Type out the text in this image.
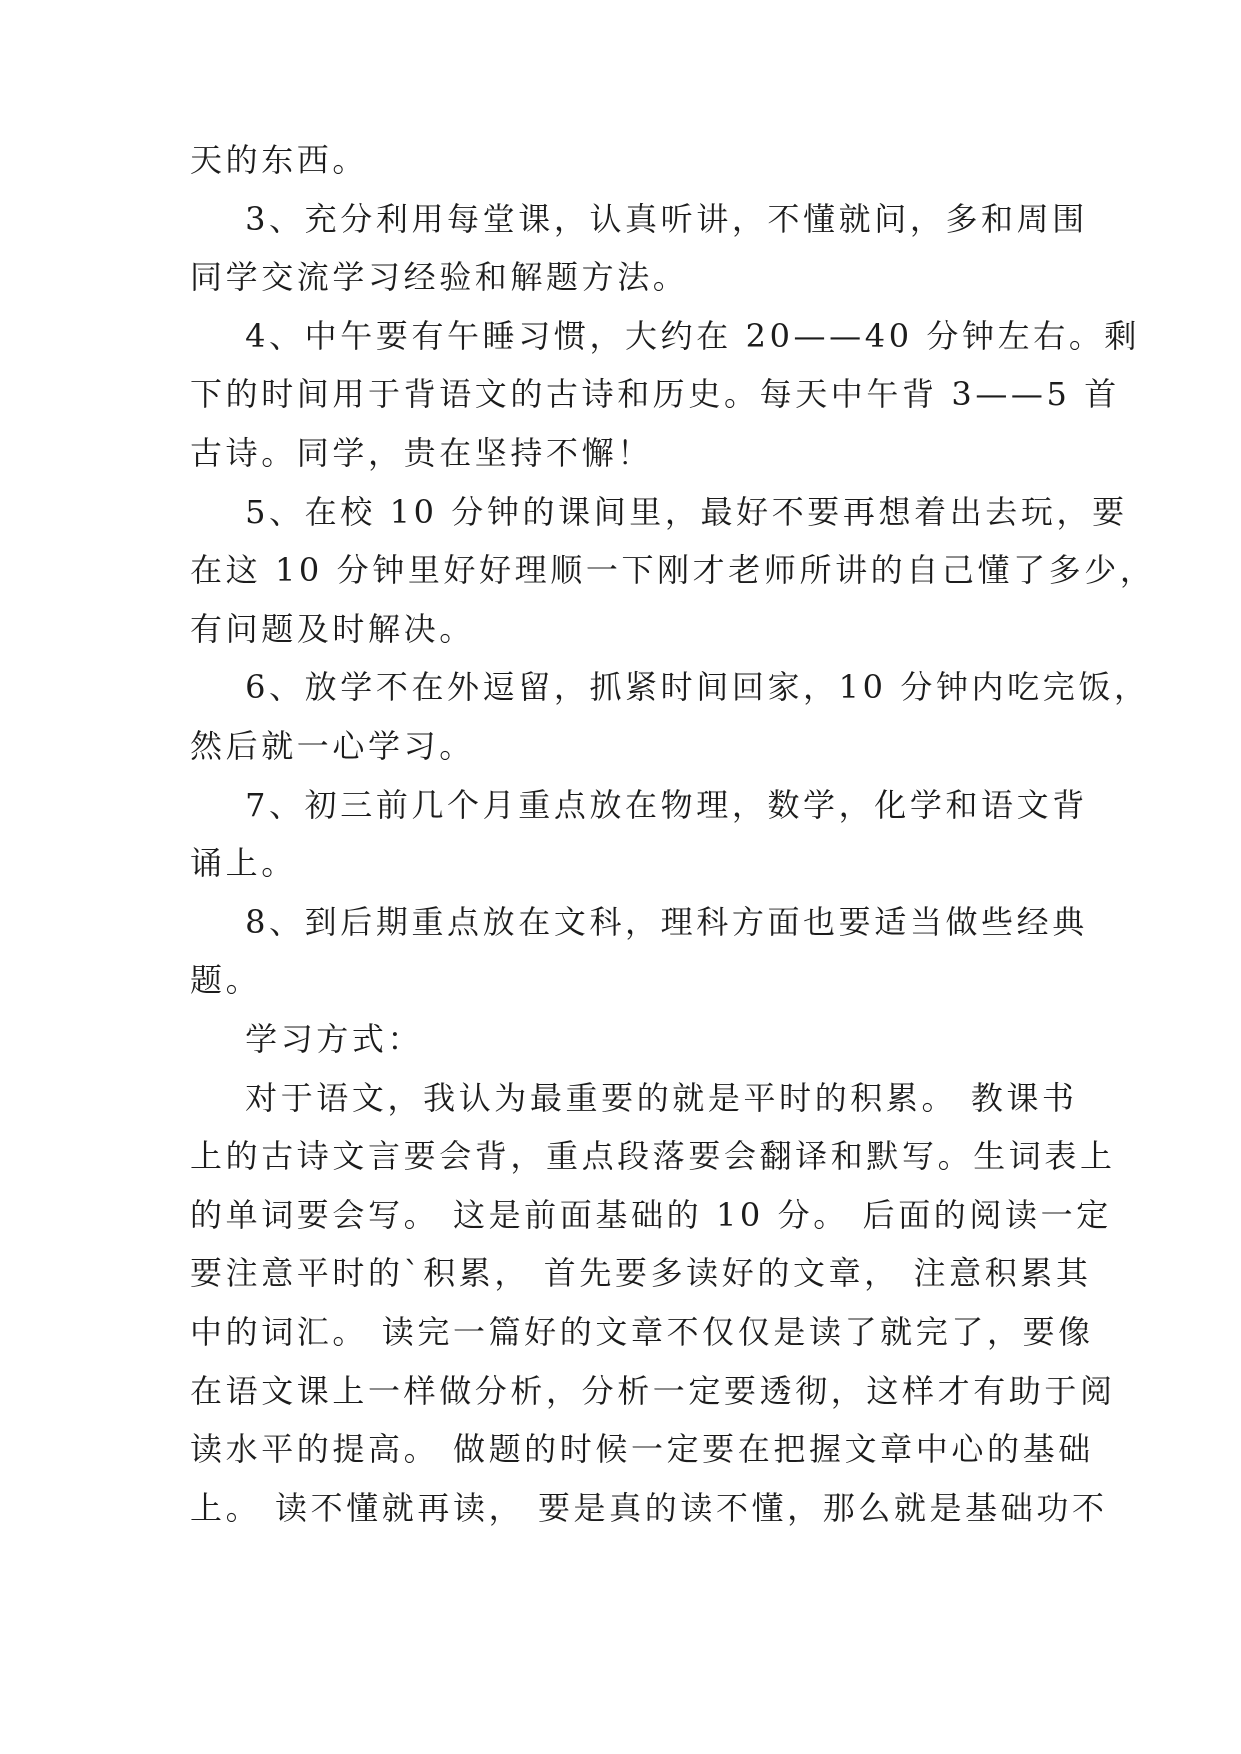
天的东西。

3、充分利用每堂课，认真听讲，不懂就问，多和周围

同学交流学习经验和解题方法。

4、中午要有午睡习惯，大约在 20——40 分钟左右。剩

下的时间用于背语文的古诗和历史。每天中午背 3——5 首

古诗。同学，贵在坚持不懈！

5、在校 10 分钟的课间里，最好不要再想着出去玩，要

在这 10 分钟里好好理顺一下刚才老师所讲的自己懂了多少，

有问题及时解决。

6、放学不在外逗留，抓紧时间回家，10 分钟内吃完饭，

然后就一心学习。

7、初三前几个月重点放在物理，数学，化学和语文背

诵上。

8、到后期重点放在文科，理科方面也要适当做些经典

题。

学习方式：

对于语文，我认为最重要的就是平时的积累。 教课书

上的古诗文言要会背，重点段落要会翻译和默写。生词表上

的单词要会写。 这是前面基础的 10 分。 后面的阅读一定

要注意平时的`积累， 首先要多读好的文章， 注意积累其

中的词汇。 读完一篇好的文章不仅仅是读了就完了，要像

在语文课上一样做分析，分析一定要透彻，这样才有助于阅

读水平的提高。 做题的时候一定要在把握文章中心的基础

上。 读不懂就再读， 要是真的读不懂，那么就是基础功不
